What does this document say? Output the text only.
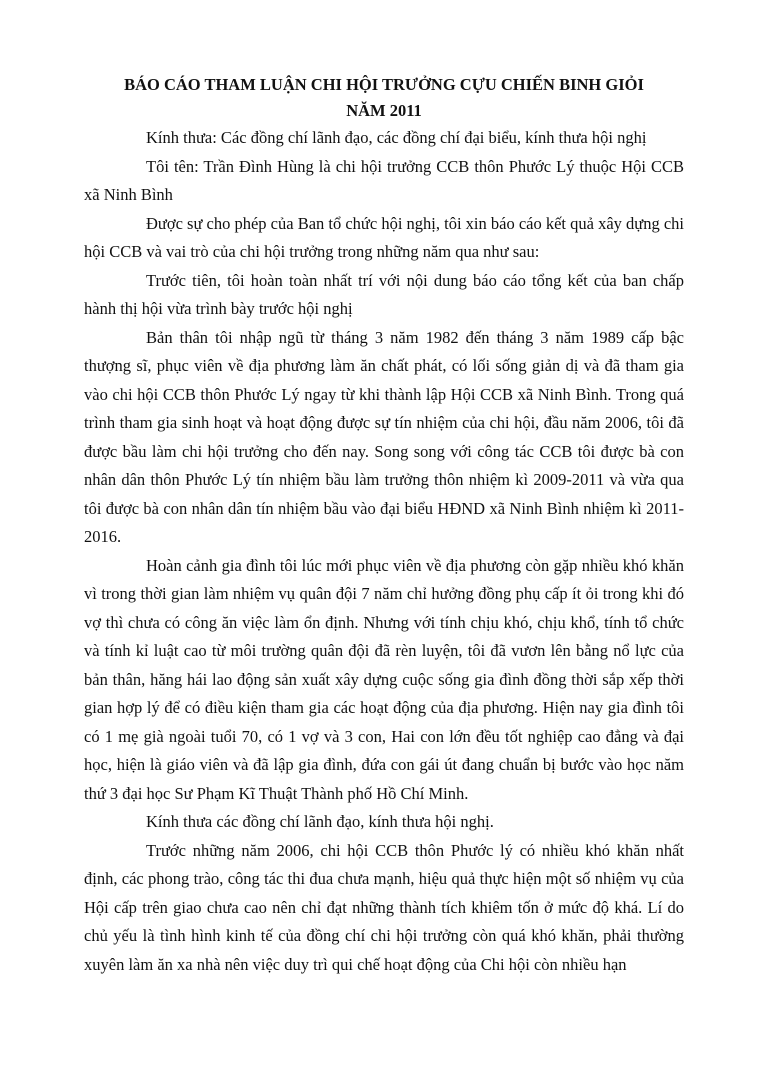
BÁO CÁO THAM LUẬN CHI HỘI TRƯỞNG CỰU CHIẾN BINH GIỎI
NĂM 2011

Kính thưa: Các đồng chí lãnh đạo, các đồng chí đại biểu, kính thưa hội nghị

Tôi tên: Trần Đình Hùng là chi hội trưởng CCB thôn Phước Lý thuộc Hội CCB xã Ninh Bình

Được sự cho phép của Ban tổ chức hội nghị, tôi xin báo cáo kết quả xây dựng chi hội CCB và vai trò của chi hội trưởng trong những năm qua như sau:

Trước tiên, tôi hoàn toàn nhất trí với nội dung báo cáo tổng kết của ban chấp hành thị hội vừa trình bày trước hội nghị

Bản thân tôi nhập ngũ từ tháng 3 năm 1982 đến tháng 3 năm 1989 cấp bậc thượng sĩ, phục viên về địa phương làm ăn chất phát, có lối sống giản dị và đã tham gia vào chi hội CCB thôn Phước Lý ngay từ khi thành lập Hội CCB xã Ninh Bình. Trong quá trình tham gia sinh hoạt và hoạt động được sự tín nhiệm của chi hội, đầu năm 2006, tôi đã được bầu làm chi hội trưởng cho đến nay. Song song với công tác CCB tôi được bà con nhân dân thôn Phước Lý tín nhiệm bầu làm trưởng thôn nhiệm kì 2009-2011 và vừa qua tôi được bà con nhân dân tín nhiệm bầu vào đại biểu HĐND xã Ninh Bình nhiệm kì 2011-2016.

Hoàn cảnh gia đình tôi lúc mới phục viên về địa phương còn gặp nhiều khó khăn vì trong thời gian làm nhiệm vụ quân đội 7 năm chỉ hưởng đồng phụ cấp ít ỏi trong khi đó vợ thì chưa có công ăn việc làm ổn định. Nhưng với tính chịu khó, chịu khổ, tính tổ chức và tính kỉ luật cao từ môi trường quân đội đã rèn luyện, tôi đã vươn lên bằng nổ lực của bản thân, hăng hái lao động sản xuất xây dựng cuộc sống gia đình đồng thời sắp xếp thời gian hợp lý để có điều kiện tham gia các hoạt động của địa phương. Hiện nay gia đình tôi có 1 mẹ già ngoài tuổi 70, có 1 vợ và 3 con, Hai con lớn đều tốt nghiệp cao đẳng và đại học, hiện là giáo viên và đã lập gia đình, đứa con gái út đang chuẩn bị bước vào học năm thứ 3 đại học Sư Phạm Kĩ Thuật Thành phố Hồ Chí Minh.

Kính thưa các đồng chí lãnh đạo, kính thưa hội nghị.

Trước những năm 2006, chi hội CCB thôn Phước lý có nhiều khó khăn nhất định, các phong trào, công tác thi đua chưa mạnh, hiệu quả thực hiện một số nhiệm vụ của Hội cấp trên giao chưa cao nên chỉ đạt những thành tích khiêm tốn ở mức độ khá. Lí do chủ yếu là tình hình kinh tế của đồng chí chi hội trưởng còn quá khó khăn, phải thường xuyên làm ăn xa nhà nên việc duy trì qui chế hoạt động của Chi hội còn nhiều hạn
